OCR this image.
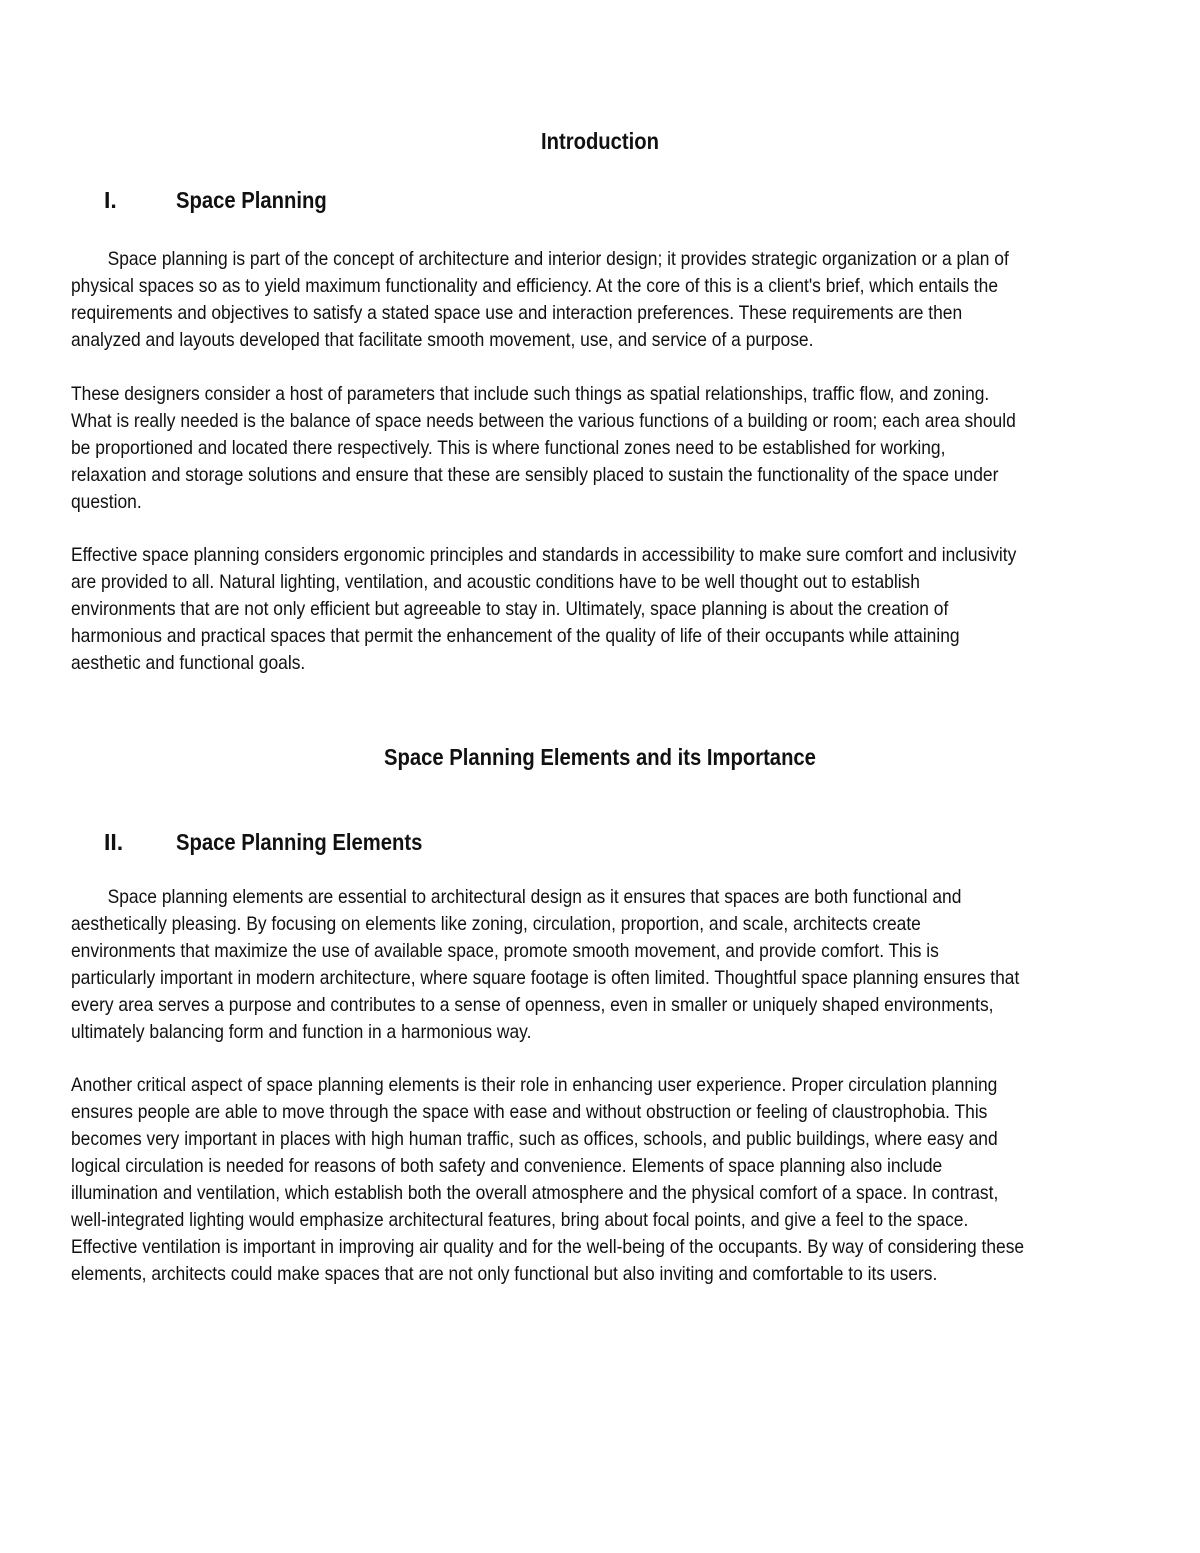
Introduction
I.	Space Planning
Space planning is part of the concept of architecture and interior design; it provides strategic organization or a plan of
physical spaces so as to yield maximum functionality and efficiency. At the core of this is a client's brief, which entails the
requirements and objectives to satisfy a stated space use and interaction preferences. These requirements are then
analyzed and layouts developed that facilitate smooth movement, use, and service of a purpose.
These designers consider a host of parameters that include such things as spatial relationships, traffic flow, and zoning.
What is really needed is the balance of space needs between the various functions of a building or room; each area should
be proportioned and located there respectively. This is where functional zones need to be established for working,
relaxation and storage solutions and ensure that these are sensibly placed to sustain the functionality of the space under
question.
Effective space planning considers ergonomic principles and standards in accessibility to make sure comfort and inclusivity
are provided to all. Natural lighting, ventilation, and acoustic conditions have to be well thought out to establish
environments that are not only efficient but agreeable to stay in. Ultimately, space planning is about the creation of
harmonious and practical spaces that permit the enhancement of the quality of life of their occupants while attaining
aesthetic and functional goals.
Space Planning Elements and its Importance
II. Space Planning Elements
Space planning elements are essential to architectural design as it ensures that spaces are both functional and
aesthetically pleasing. By focusing on elements like zoning, circulation, proportion, and scale, architects create
environments that maximize the use of available space, promote smooth movement, and provide comfort. This is
particularly important in modern architecture, where square footage is often limited. Thoughtful space planning ensures that
every area serves a purpose and contributes to a sense of openness, even in smaller or uniquely shaped environments,
ultimately balancing form and function in a harmonious way.
Another critical aspect of space planning elements is their role in enhancing user experience. Proper circulation planning
ensures people are able to move through the space with ease and without obstruction or feeling of claustrophobia. This
becomes very important in places with high human traffic, such as offices, schools, and public buildings, where easy and
logical circulation is needed for reasons of both safety and convenience. Elements of space planning also include
illumination and ventilation, which establish both the overall atmosphere and the physical comfort of a space. In contrast,
well-integrated lighting would emphasize architectural features, bring about focal points, and give a feel to the space.
Effective ventilation is important in improving air quality and for the well-being of the occupants. By way of considering these
elements, architects could make spaces that are not only functional but also inviting and comfortable to its users.
